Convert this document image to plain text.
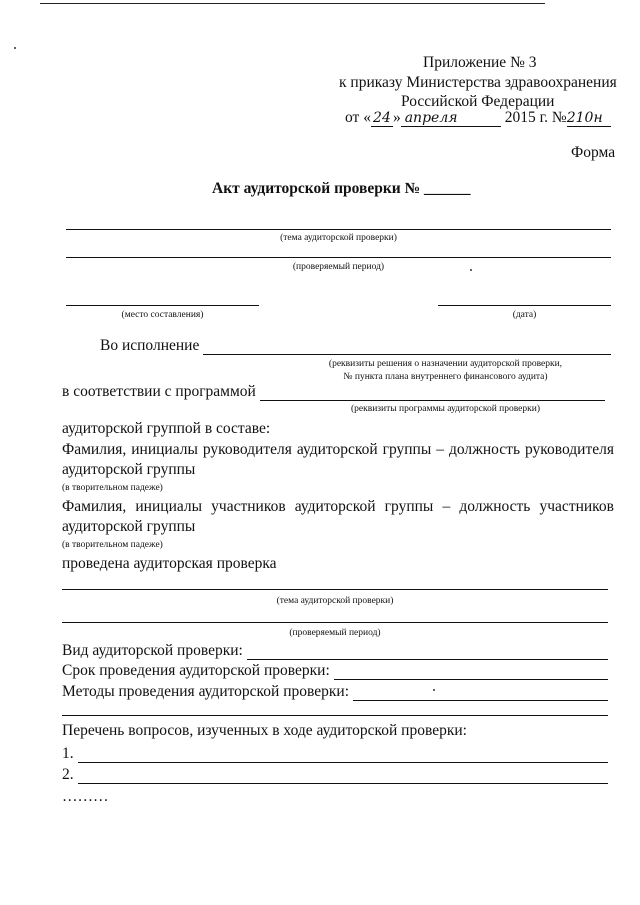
Приложение № 3
к приказу Министерства здравоохранения
Российской Федерации
от « 24 » апреля	2015 г. №210н
Форма
Акт аудиторской проверки № ______
(тема аудиторской проверки)
(проверяемый период)
(место составления)	(дата)
Во исполнение
(реквизиты решения о назначении аудиторской проверки,
№ пункта плана внутреннего финансового аудита)
в соответствии с программой
(реквизиты программы аудиторской проверки)
аудиторской группой в составе:
Фамилия, инициалы руководителя аудиторской группы – должность руководителя
аудиторской группы
(в творительном падеже)
Фамилия, инициалы участников аудиторской группы – должность участников
аудиторской группы
(в творительном падеже)
проведена аудиторская проверка
(тема аудиторской проверки)
(проверяемый период)
Вид аудиторской проверки:
Срок проведения аудиторской проверки:
Методы проведения аудиторской проверки:
Перечень вопросов, изученных в ходе аудиторской проверки:
1.
2.
………
